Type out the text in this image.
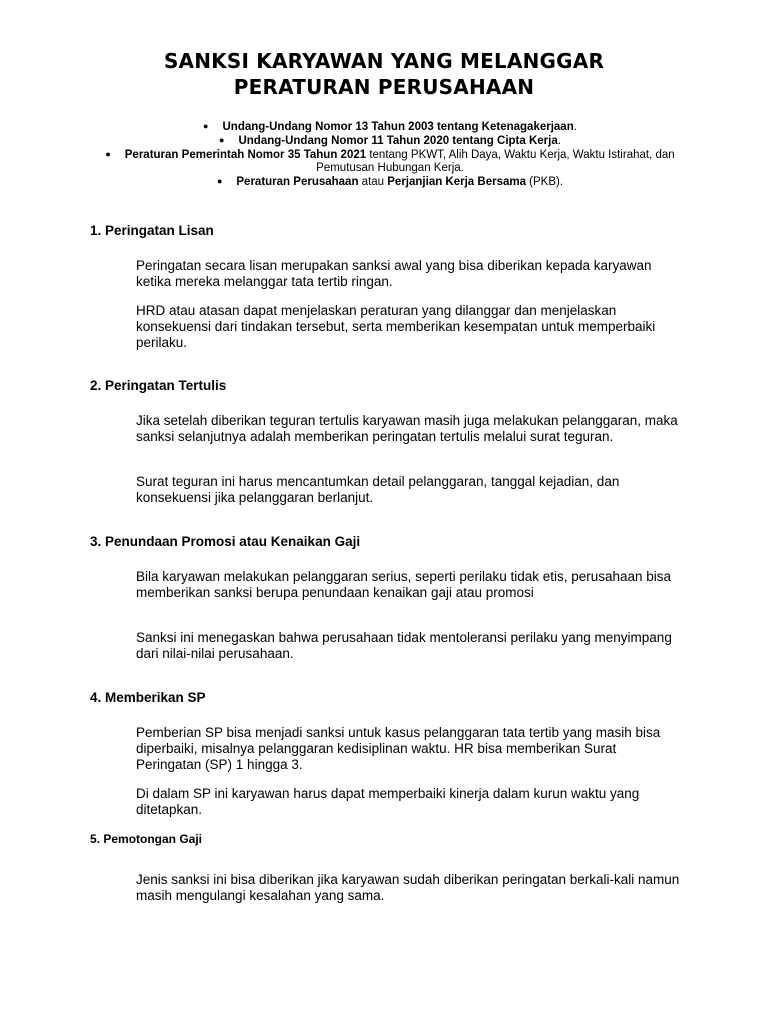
SANKSI KARYAWAN YANG MELANGGAR
PERATURAN PERUSAHAAN
● Undang-Undang Nomor 13 Tahun 2003 tentang Ketenagakerjaan.
● Undang-Undang Nomor 11 Tahun 2020 tentang Cipta Kerja.
● Peraturan Pemerintah Nomor 35 Tahun 2021 tentang PKWT, Alih Daya, Waktu Kerja, Waktu Istirahat, dan Pemutusan Hubungan Kerja.
● Peraturan Perusahaan atau Perjanjian Kerja Bersama (PKB).
1. Peringatan Lisan
Peringatan secara lisan merupakan sanksi awal yang bisa diberikan kepada karyawan ketika mereka melanggar tata tertib ringan.
HRD atau atasan dapat menjelaskan peraturan yang dilanggar dan menjelaskan konsekuensi dari tindakan tersebut, serta memberikan kesempatan untuk memperbaiki perilaku.
2. Peringatan Tertulis
Jika setelah diberikan teguran tertulis karyawan masih juga melakukan pelanggaran, maka sanksi selanjutnya adalah memberikan peringatan tertulis melalui surat teguran.
Surat teguran ini harus mencantumkan detail pelanggaran, tanggal kejadian, dan konsekuensi jika pelanggaran berlanjut.
3. Penundaan Promosi atau Kenaikan Gaji
Bila karyawan melakukan pelanggaran serius, seperti perilaku tidak etis, perusahaan bisa memberikan sanksi berupa penundaan kenaikan gaji atau promosi
Sanksi ini menegaskan bahwa perusahaan tidak mentoleransi perilaku yang menyimpang dari nilai-nilai perusahaan.
4. Memberikan SP
Pemberian SP bisa menjadi sanksi untuk kasus pelanggaran tata tertib yang masih bisa diperbaiki, misalnya pelanggaran kedisiplinan waktu. HR bisa memberikan Surat Peringatan (SP) 1 hingga 3.
Di dalam SP ini karyawan harus dapat memperbaiki kinerja dalam kurun waktu yang ditetapkan.
5. Pemotongan Gaji
Jenis sanksi ini bisa diberikan jika karyawan sudah diberikan peringatan berkali-kali namun masih mengulangi kesalahan yang sama.
